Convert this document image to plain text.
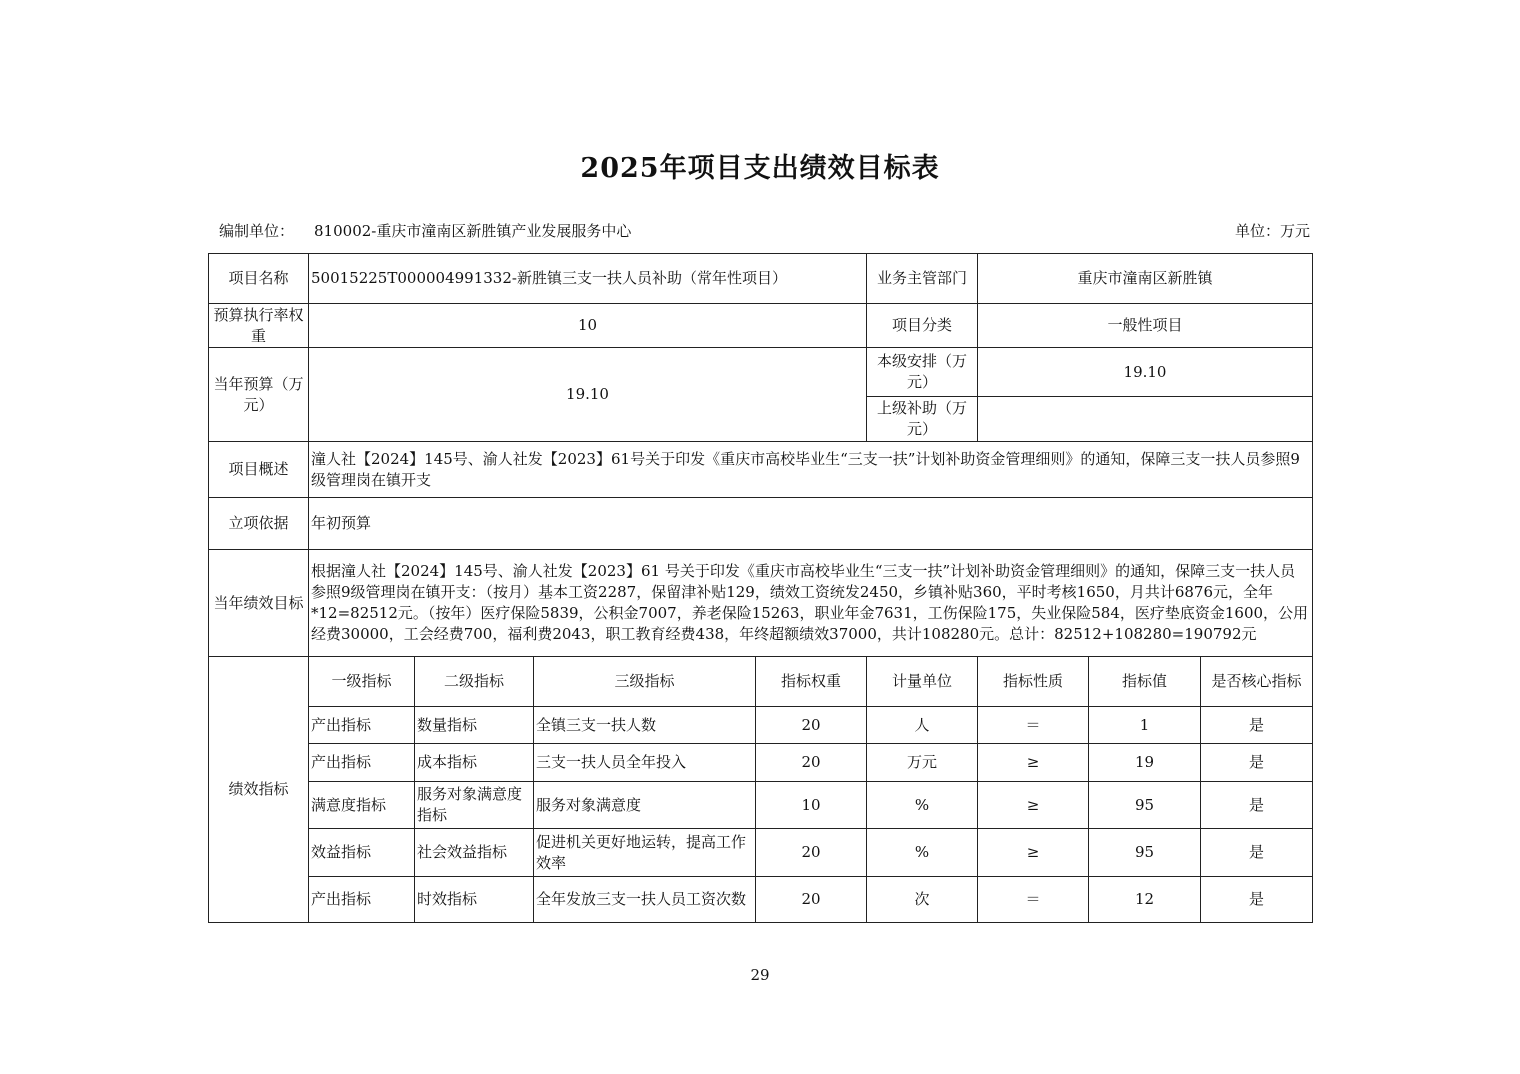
2025年项目支出绩效目标表
编制单位： 810002-重庆市潼南区新胜镇产业发展服务中心	单位：万元
项目名称	50015225T000004991332-新胜镇三支一扶人员补助（常年性项目）				业务主管部门	重庆市潼南区新胜镇		
预算执行率权重	10				项目分类	一般性项目		
当年预算（万元）	19.10				本级安排（万元）	19.10		
					上级补助（万元）			
项目概述	潼人社【2024】145号、渝人社发【2023】61号关于印发《重庆市高校毕业生“三支一扶”计划补助资金管理细则》的通知，保障三支一扶人员参照9级管理岗在镇开支							
立项依据	年初预算							
当年绩效目标	根据潼人社【2024】145号、渝人社发【2023】61 号关于印发《重庆市高校毕业生“三支一扶”计划补助资金管理细则》的通知，保障三支一扶人员参照9级管理岗在镇开支：（按月）基本工资2287，保留津补贴129，绩效工资统发2450，乡镇补贴360，平时考核1650，月共计6876元，全年*12=82512元。（按年）医疗保险5839，公积金7007，养老保险15263，职业年金7631，工伤保险175，失业保险584，医疗垫底资金1600，公用经费30000，工会经费700，福利费2043，职工教育经费438，年终超额绩效37000，共计108280元。总计：82512+108280=190792元							
绩效指标	一级指标	二级指标	三级指标	指标权重	计量单位	指标性质	指标值	是否核心指标
	产出指标	数量指标	全镇三支一扶人数	20	人	＝	1	是
	产出指标	成本指标	三支一扶人员全年投入	20	万元	≥	19	是
	满意度指标	服务对象满意度指标	服务对象满意度	10	%	≥	95	是
	效益指标	社会效益指标	促进机关更好地运转，提高工作效率	20	%	≥	95	是
	产出指标	时效指标	全年发放三支一扶人员工资次数	20	次	＝	12	是
29
